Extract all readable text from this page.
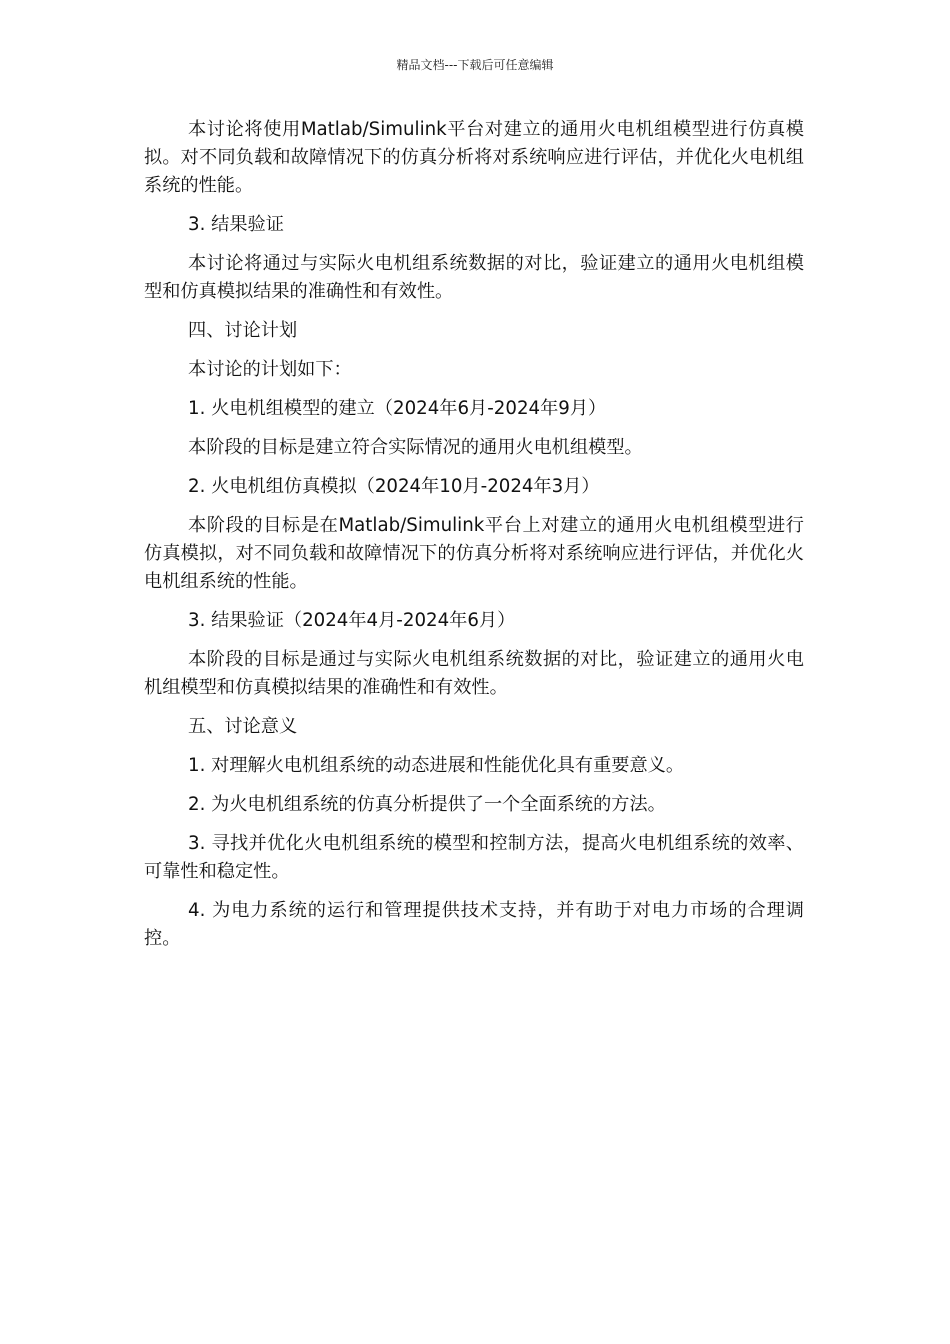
精品文档---下载后可任意编辑

本讨论将使用Matlab/Simulink平台对建立的通用火电机组模型进行仿真模拟。对不同负载和故障情况下的仿真分析将对系统响应进行评估，并优化火电机组系统的性能。

3. 结果验证

本讨论将通过与实际火电机组系统数据的对比，验证建立的通用火电机组模型和仿真模拟结果的准确性和有效性。

四、讨论计划

本讨论的计划如下：

1. 火电机组模型的建立（2024年6月-2024年9月）

本阶段的目标是建立符合实际情况的通用火电机组模型。

2. 火电机组仿真模拟（2024年10月-2024年3月）

本阶段的目标是在Matlab/Simulink平台上对建立的通用火电机组模型进行仿真模拟，对不同负载和故障情况下的仿真分析将对系统响应进行评估，并优化火电机组系统的性能。

3. 结果验证（2024年4月-2024年6月）

本阶段的目标是通过与实际火电机组系统数据的对比，验证建立的通用火电机组模型和仿真模拟结果的准确性和有效性。

五、讨论意义

1. 对理解火电机组系统的动态进展和性能优化具有重要意义。

2. 为火电机组系统的仿真分析提供了一个全面系统的方法。

3. 寻找并优化火电机组系统的模型和控制方法，提高火电机组系统的效率、可靠性和稳定性。

4. 为电力系统的运行和管理提供技术支持，并有助于对电力市场的合理调控。
